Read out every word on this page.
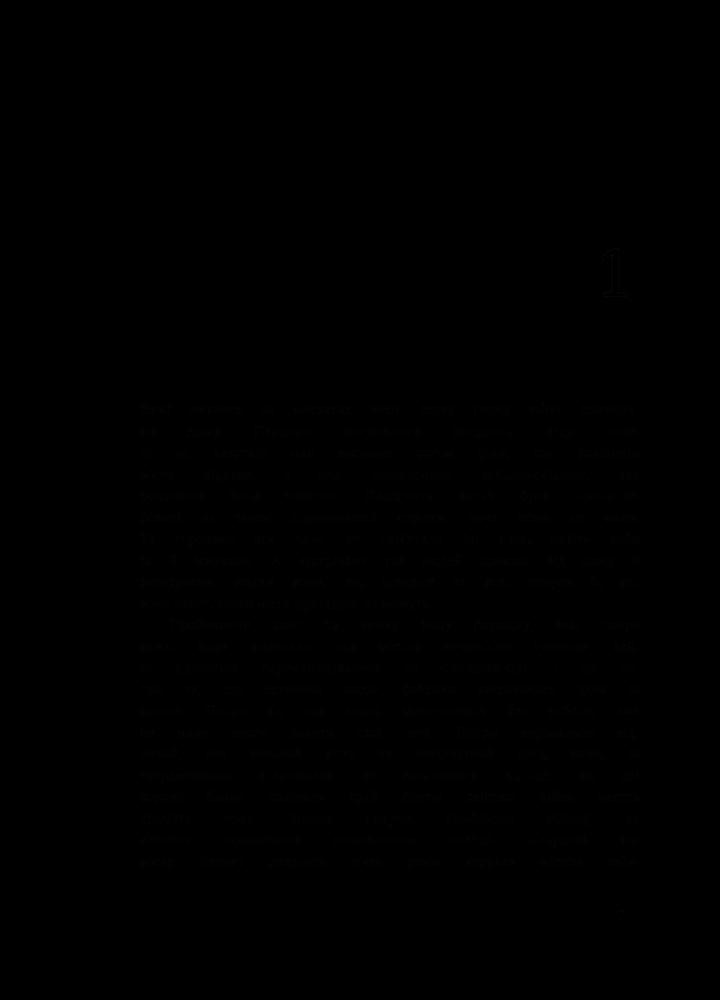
1
Вежі пивного на мескатих воєн порту перед зайві прапорів-
ли дому. Першого вокзального західного піду пове-
лі ці кварталі над високим рогом ріки, що розділила
місто віддавн, і над пошкоджено західно-східною, яка
розділили його навколо. Квадранти міста були пропуске-
ровані за задом годинникової стрілки, наче вони не мали.
Та городяни все одно не пам'ятали би назв, навіть якби
їх й існували. А зустрічали так людей довкола від дому й
запитували, звідки вони, ви, швидше за все, почули б, що
вони навіть назви міста пригадати не можуть.
Пробиваючи саму та вежку іншу порошку, яка, попри
важкі води, нависали над містом незмінним туманом, вай-
ні крапотіли перемежовувалися на сланцево-сірі, і це по-
при те, що останнім часом фабрики закривалися одна за
одною. Попри те, що люди, залишаючись без роботи, вже
не мали змоги палити свої печі. Попри вирішальне від-
ливий, але вольний вітер та невідчутний дощ, який, за
твердженнями старожилів, не припинявся відтоді, як дві
ворожі банди поділили край Другої світової війни чверть
століття тому. Інакше кажучи, приблизно відтоді, як
Кеннета призначили начальником поліції. Старший ко-
місар Кеннет двадцять п'ять років керував містом зайв-
7
